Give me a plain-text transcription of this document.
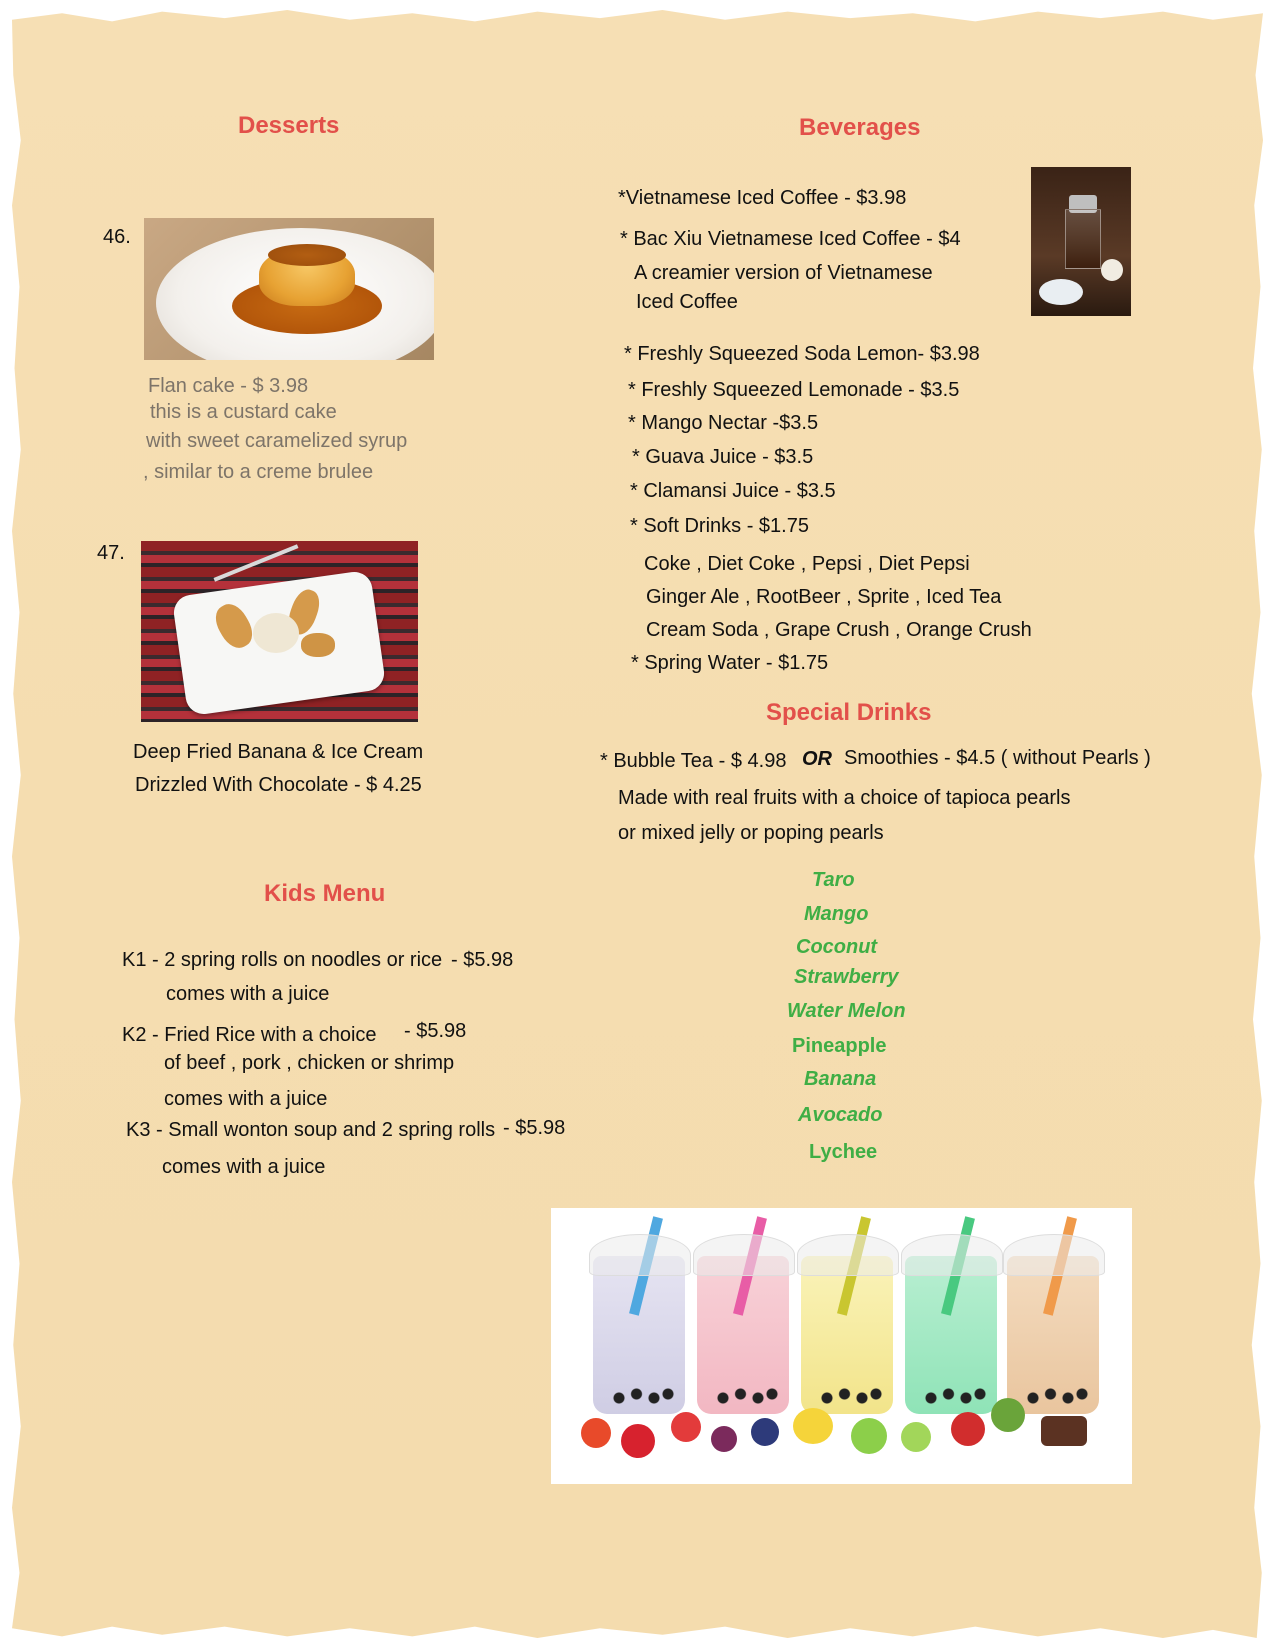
Desserts
46.
Flan cake - $ 3.98
this is a custard cake
with sweet caramelized syrup
, similar to a creme brulee
47.
Deep Fried Banana & Ice Cream
Drizzled With Chocolate - $ 4.25
Kids Menu
K1 - 2 spring rolls on noodles or rice - $5.98
comes with a juice
K2 - Fried Rice with a choice - $5.98
of beef , pork , chicken or shrimp
comes with a juice
K3 - Small wonton soup and 2 spring rolls - $5.98
comes with a juice
Beverages
*Vietnamese Iced Coffee - $3.98
* Bac Xiu Vietnamese Iced Coffee - $4
A creamier version of Vietnamese
Iced Coffee
* Freshly Squeezed Soda Lemon- $3.98
* Freshly Squeezed Lemonade - $3.5
* Mango Nectar -$3.5
* Guava Juice - $3.5
* Clamansi Juice - $3.5
* Soft Drinks - $1.75
Coke , Diet Coke , Pepsi , Diet Pepsi
Ginger Ale , RootBeer , Sprite , Iced Tea
Cream Soda , Grape Crush , Orange Crush
* Spring Water - $1.75
Special Drinks
* Bubble Tea - $ 4.98 OR Smoothies - $4.5 ( without Pearls )
Made with real fruits with a choice of tapioca pearls
or mixed jelly or poping pearls
Taro
Mango
Coconut
Strawberry
Water Melon
Pineapple
Banana
Avocado
Lychee
